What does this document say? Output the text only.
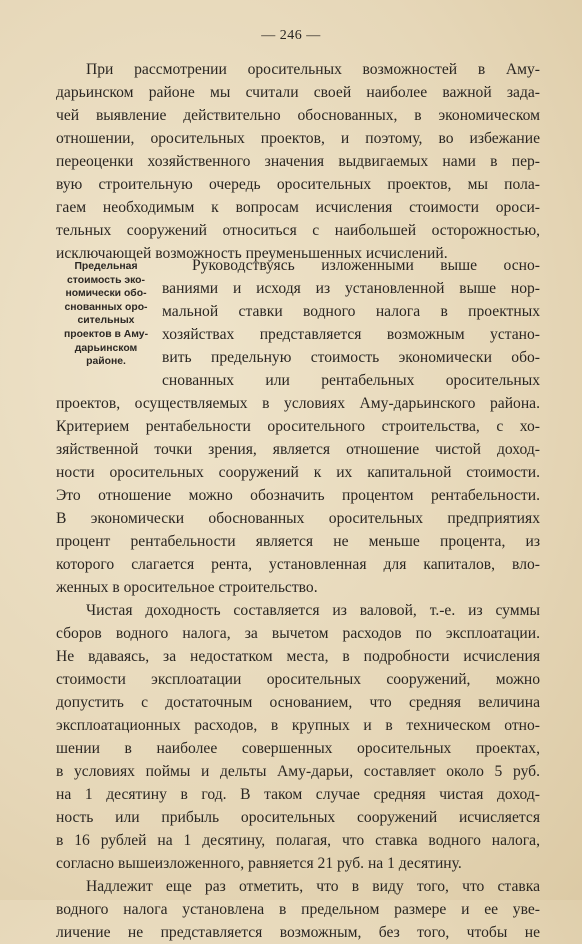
— 246 —
При рассмотрении оросительных возможностей в Аму-
дарьинском районе мы считали своей наиболее важной зада-
чей выявление действительно обоснованных, в экономическом
отношении, оросительных проектов, и поэтому, во избежание
переоценки хозяйственного значения выдвигаемых нами в пер-
вую строительную очередь оросительных проектов, мы пола-
гаем необходимым к вопросам исчисления стоимости ороси-
тельных сооружений относиться с наибольшей осторожностью,
исключающей возможность преуменьшенных исчислений.
Предельная
стоимость эко-
номически обо-
снованных оро-
сительных
проектов в Аму-
дарьинском
районе.
Руководствуясь изложенными выше осно-
ваниями и исходя из установленной выше нор-
мальной ставки водного налога в проектных
хозяйствах представляется возможным устано-
вить предельную стоимость экономически обо-
снованных или рентабельных оросительных
проектов, осуществляемых в условиях Аму-дарьинского района.
Критерием рентабельности оросительного строительства, с хо-
зяйственной точки зрения, является отношение чистой доход-
ности оросительных сооружений к их капитальной стоимости.
Это отношение можно обозначить процентом рентабельности.
В экономически обоснованных оросительных предприятиях
процент рентабельности является не меньше процента, из
которого слагается рента, установленная для капиталов, вло-
женных в оросительное строительство.
Чистая доходность составляется из валовой, т.-е. из суммы
сборов водного налога, за вычетом расходов по эксплоатации.
Не вдаваясь, за недостатком места, в подробности исчисления
стоимости эксплоатации оросительных сооружений, можно
допустить с достаточным основанием, что средняя величина
эксплоатационных расходов, в крупных и в техническом отно-
шении в наиболее совершенных оросительных проектах,
в условиях поймы и дельты Аму-дарьи, составляет около 5 руб.
на 1 десятину в год. В таком случае средняя чистая доход-
ность или прибыль оросительных сооружений исчисляется
в 16 рублей на 1 десятину, полагая, что ставка водного налога,
согласно вышеизложенного, равняется 21 руб. на 1 десятину.
Надлежит еще раз отметить, что в виду того, что ставка
водного налога установлена в предельном размере и ее уве-
личение не представляется возможным, без того, чтобы не
